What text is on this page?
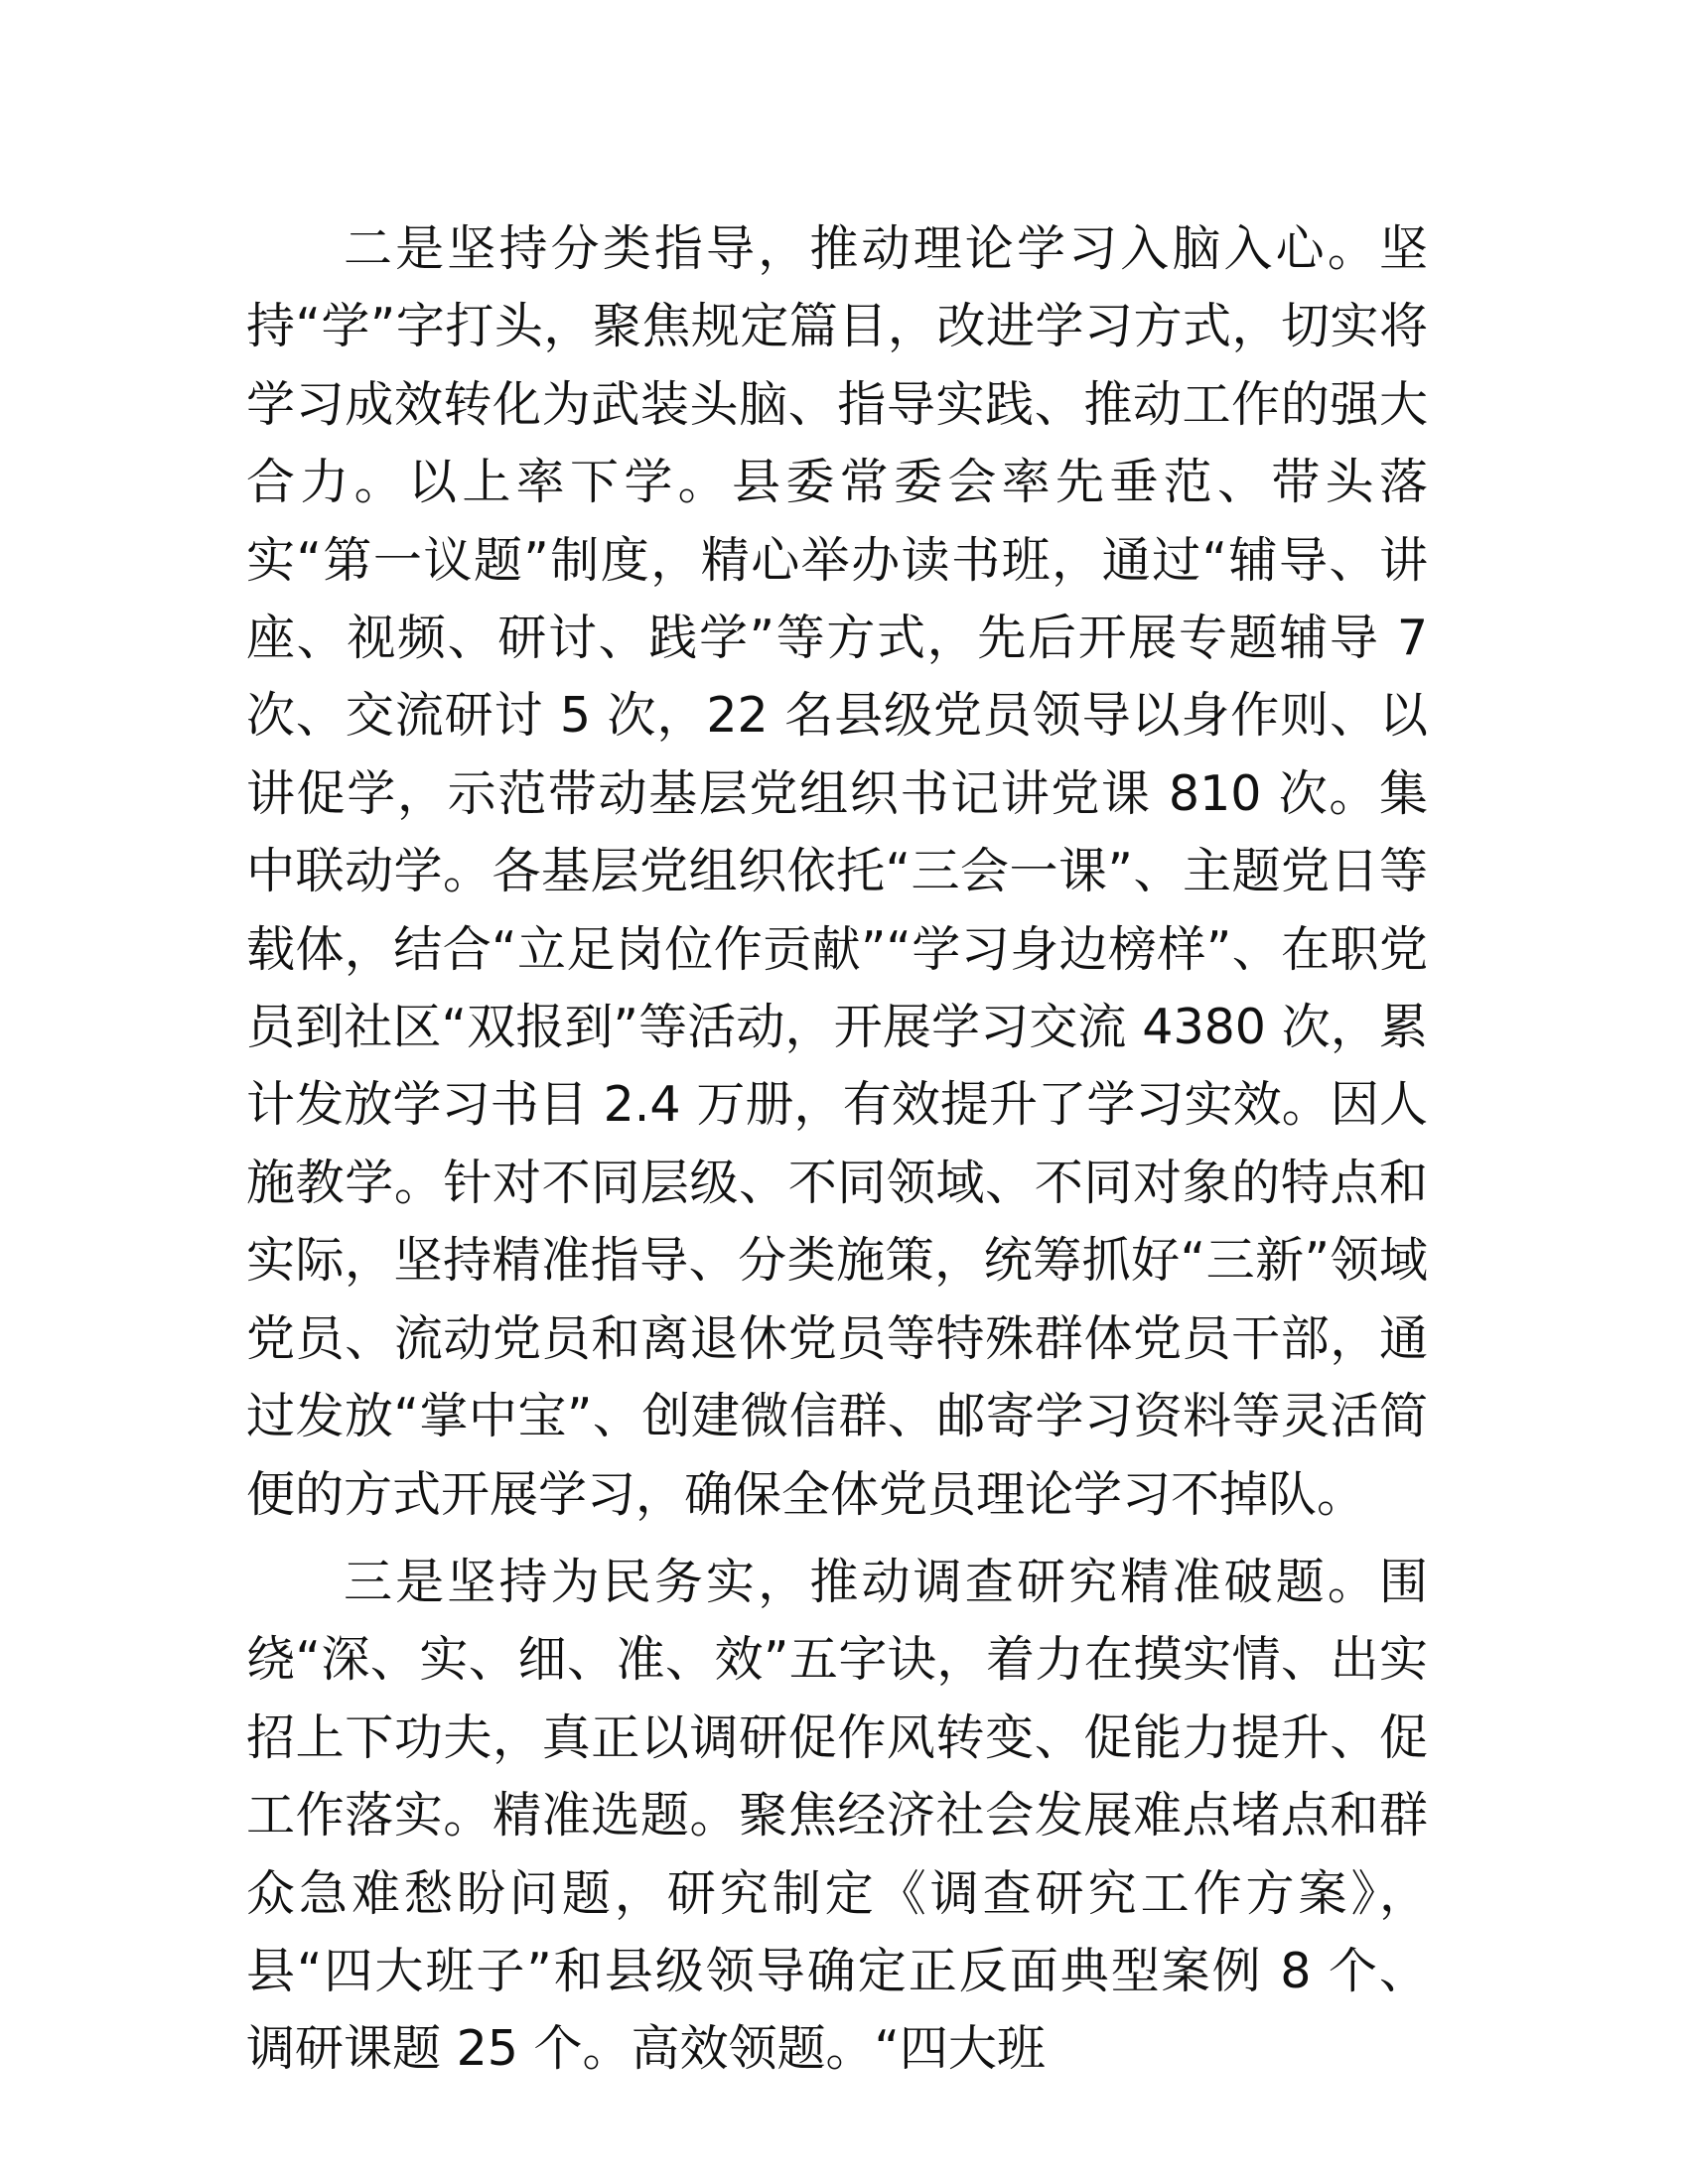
二是坚持分类指导，推动理论学习入脑入心。坚持“学”字打头，聚焦规定篇目，改进学习方式，切实将学习成效转化为武装头脑、指导实践、推动工作的强大合力。以上率下学。县委常委会率先垂范、带头落实“第一议题”制度，精心举办读书班，通过“辅导、讲座、视频、研讨、践学”等方式，先后开展专题辅导 7 次、交流研讨 5 次，22 名县级党员领导以身作则、以讲促学，示范带动基层党组织书记讲党课 810 次。集中联动学。各基层党组织依托“三会一课”、主题党日等载体，结合“立足岗位作贡献”“学习身边榜样”、在职党员到社区“双报到”等活动，开展学习交流 4380 次，累计发放学习书目 2.4 万册，有效提升了学习实效。因人施教学。针对不同层级、不同领域、不同对象的特点和实际，坚持精准指导、分类施策，统筹抓好“三新”领域党员、流动党员和离退休党员等特殊群体党员干部，通过发放“掌中宝”、创建微信群、邮寄学习资料等灵活简便的方式开展学习，确保全体党员理论学习不掉队。

三是坚持为民务实，推动调查研究精准破题。围绕“深、实、细、准、效”五字诀，着力在摸实情、出实招上下功夫，真正以调研促作风转变、促能力提升、促工作落实。精准选题。聚焦经济社会发展难点堵点和群众急难愁盼问题，研究制定《调查研究工作方案》，县“四大班子”和县级领导确定正反面典型案例 8 个、调研课题 25 个。高效领题。“四大班
